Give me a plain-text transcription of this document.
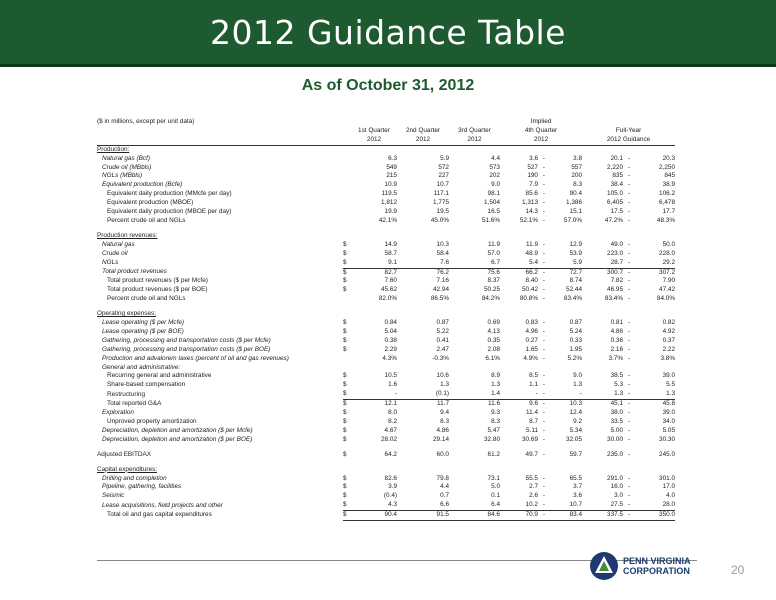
2012 Guidance Table
As of October 31, 2012
($ in millions, except per unit data)					Implied					
		1st Quarter	2nd Quarter	3rd Quarter	4th Quarter			Full-Year		
		2012	2012	2012	2012			2012 Guidance		
Production:										
Natural gas (Bcf)		6.3	5.9	4.4	3.6	-	3.8	20.1	-	20.3
Crude oil (MBbls)		549	572	573	527	-	557	2,220	-	2,250
NGLs (MBbls)		215	227	202	190	-	200	835	-	845
Equivalent production (Bcfe)		10.9	10.7	9.0	7.9	-	8.3	38.4	-	38.9
Equivalent daily production (MMcfe per day)		119.5	117.1	98.1	85.6	-	90.4	105.0	-	106.2
Equivalent production (MBOE)		1,812	1,775	1,504	1,313	-	1,386	6,405	-	6,478
Equivalent daily production (MBOE per day)		19.9	19.5	16.5	14.3	-	15.1	17.5	-	17.7
Percent crude oil and NGLs		42.1%	45.0%	51.6%	52.1%	-	57.0%	47.2%	-	48.3%

Production revenues:										
Natural gas	$	14.9	10.3	11.9	11.9	-	12.9	49.0	-	50.0
Crude oil	$	58.7	58.4	57.0	48.9	-	53.9	223.0	-	228.0
NGLs	$	9.1	7.6	6.7	5.4	-	5.9	28.7	-	29.2
Total product revenues	$	82.7	76.2	75.6	66.2	-	72.7	300.7	-	307.2
Total product revenues ($ per Mcfe)	$	7.60	7.16	8.37	8.40	-	8.74	7.82	-	7.90
Total product revenues ($ per BOE)	$	45.62	42.94	50.25	50.42	-	52.44	46.95	-	47.42
Percent crude oil and NGLs		82.0%	86.5%	84.2%	80.8%	-	83.4%	83.4%	-	84.0%

Operating expenses:										
Lease operating ($ per Mcfe)	$	0.84	0.87	0.69	0.83	-	0.87	0.81	-	0.82
Lease operating ($ per BOE)	$	5.04	5.22	4.13	4.96	-	5.24	4.86	-	4.92
Gathering, processing and transportation costs ($ per Mcfe)	$	0.38	0.41	0.35	0.27	-	0.33	0.36	-	0.37
Gathering, processing and transportation costs ($ per BOE)	$	2.29	2.47	2.08	1.65	-	1.95	2.16	-	2.22
Production and advalorem taxes (percent of oil and gas revenues)		4.3%	-0.3%	6.1%	4.9%	-	5.2%	3.7%	-	3.8%
General and administrative:										
Recurring general and administrative	$	10.5	10.6	8.9	8.5	-	9.0	38.5	-	39.0
Share-based compensation	$	1.6	1.3	1.3	1.1	-	1.3	5.3	-	5.5
Restructuring	$	-	(0.1)	1.4	-	-	-	1.3	-	1.3
Total reported G&A	$	12.1	11.7	11.6	9.6	-	10.3	45.1	-	45.8
Exploration	$	8.0	9.4	9.3	11.4	-	12.4	38.0	-	39.0
Unproved property amortization	$	8.2	8.3	8.3	8.7	-	9.2	33.5	-	34.0
Depreciation, depletion and amortization ($ per Mcfe)	$	4.67	4.86	5.47	5.11	-	5.34	5.00	-	5.05
Depreciation, depletion and amortization ($ per BOE)	$	28.02	29.14	32.80	30.69	-	32.05	30.00	-	30.30

Adjusted EBITDAX	$	64.2	60.0	61.2	49.7	-	59.7	235.0	-	245.0

Capital expenditures:										
Drilling and completion	$	82.6	79.8	73.1	55.5	-	65.5	291.0	-	301.0
Pipeline, gathering, facilities	$	3.9	4.4	5.0	2.7	-	3.7	16.0	-	17.0
Seismic	$	(0.4)	0.7	0.1	2.6	-	3.6	3.0	-	4.0
Lease acquisitions, field projects and other	$	4.3	6.6	6.4	10.2	-	10.7	27.5	-	28.0
Total oil and gas capital expenditures	$	90.4	91.5	84.6	70.9	-	83.4	337.5	-	350.0
PENN VIRGINIA
CORPORATION	20
